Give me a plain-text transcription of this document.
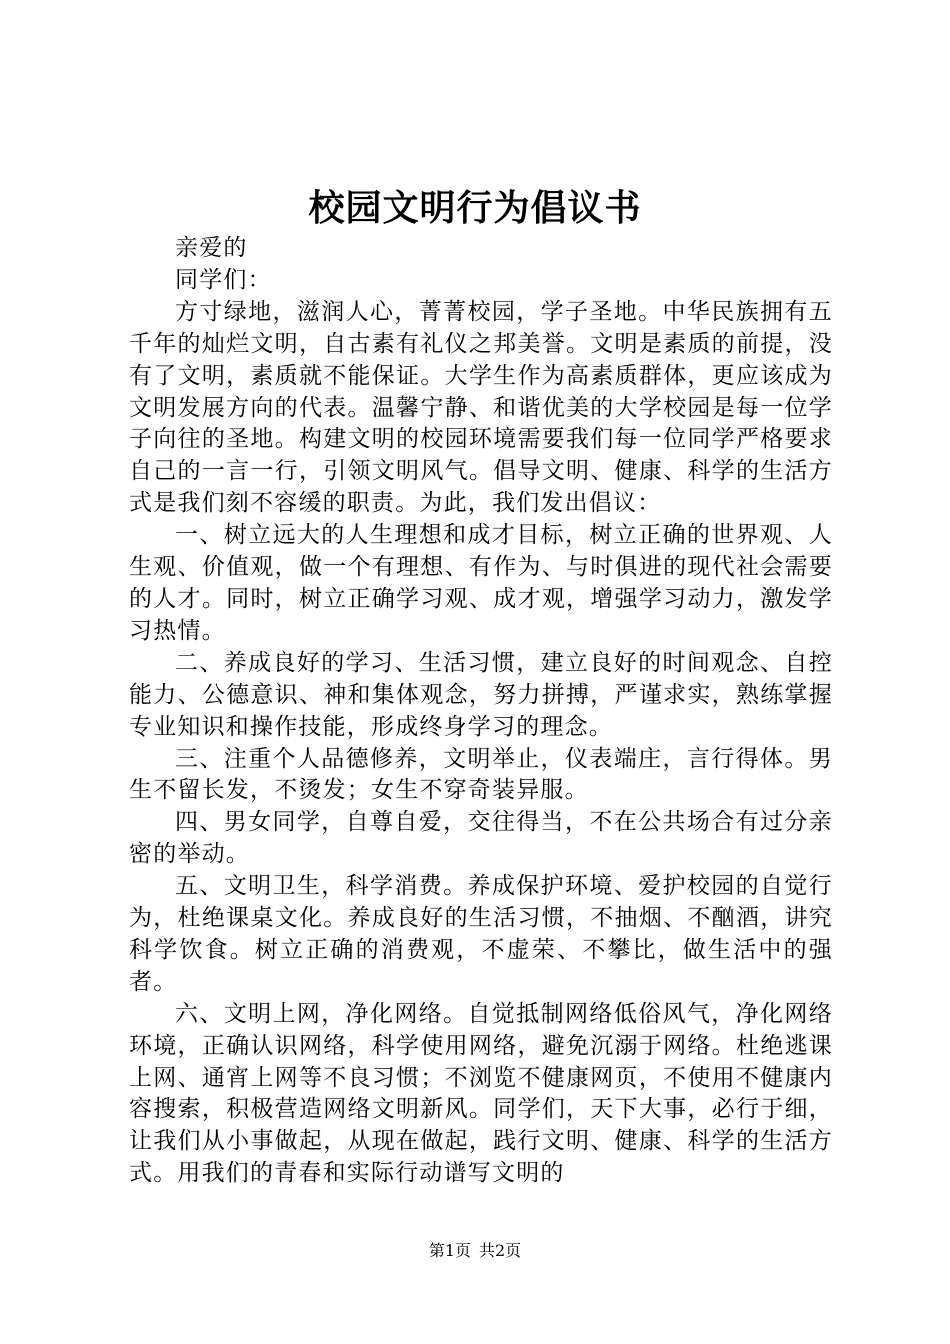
校园文明行为倡议书

亲爱的

同学们：

方寸绿地，滋润人心，菁菁校园，学子圣地。中华民族拥有五千年的灿烂文明，自古素有礼仪之邦美誉。文明是素质的前提，没有了文明，素质就不能保证。大学生作为高素质群体，更应该成为文明发展方向的代表。温馨宁静、和谐优美的大学校园是每一位学子向往的圣地。构建文明的校园环境需要我们每一位同学严格要求自己的一言一行，引领文明风气。倡导文明、健康、科学的生活方式是我们刻不容缓的职责。为此，我们发出倡议：

一、树立远大的人生理想和成才目标，树立正确的世界观、人生观、价值观，做一个有理想、有作为、与时俱进的现代社会需要的人才。同时，树立正确学习观、成才观，增强学习动力，激发学习热情。

二、养成良好的学习、生活习惯，建立良好的时间观念、自控能力、公德意识、神和集体观念，努力拼搏，严谨求实，熟练掌握专业知识和操作技能，形成终身学习的理念。

三、注重个人品德修养，文明举止，仪表端庄，言行得体。男生不留长发，不烫发；女生不穿奇装异服。

四、男女同学，自尊自爱，交往得当，不在公共场合有过分亲密的举动。

五、文明卫生，科学消费。养成保护环境、爱护校园的自觉行为，杜绝课桌文化。养成良好的生活习惯，不抽烟、不酗酒，讲究科学饮食。树立正确的消费观，不虚荣、不攀比，做生活中的强者。

六、文明上网，净化网络。自觉抵制网络低俗风气，净化网络环境，正确认识网络，科学使用网络，避免沉溺于网络。杜绝逃课上网、通宵上网等不良习惯；不浏览不健康网页，不使用不健康内容搜索，积极营造网络文明新风。同学们，天下大事，必行于细，让我们从小事做起，从现在做起，践行文明、健康、科学的生活方式。用我们的青春和实际行动谱写文明的

第1页 共2页
